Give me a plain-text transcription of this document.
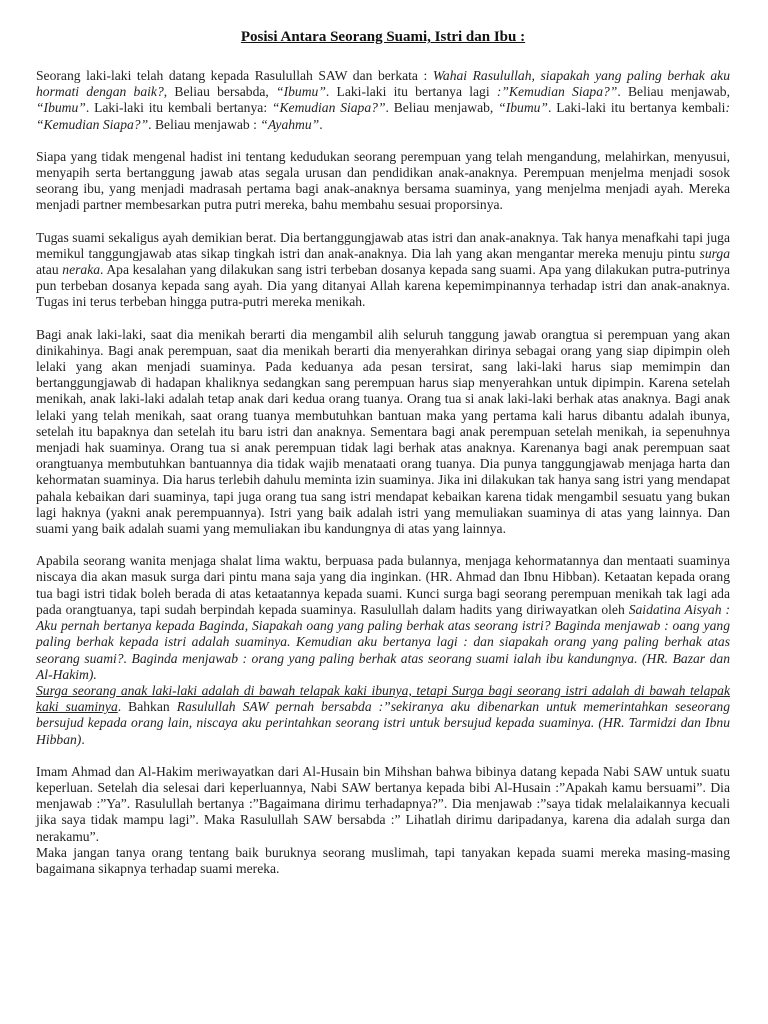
Posisi Antara Seorang Suami, Istri dan Ibu :

Seorang laki-laki telah datang kepada Rasulullah SAW dan berkata : Wahai Rasulullah, siapakah yang paling berhak aku hormati dengan baik?, Beliau bersabda, “Ibumu”. Laki-laki itu bertanya lagi :”Kemudian Siapa?”. Beliau menjawab, “Ibumu”. Laki-laki itu kembali bertanya: “Kemudian Siapa?”. Beliau menjawab, “Ibumu”. Laki-laki itu bertanya kembali: “Kemudian Siapa?”. Beliau menjawab : “Ayahmu”.

Siapa yang tidak mengenal hadist ini tentang kedudukan seorang perempuan yang telah mengandung, melahirkan, menyusui, menyapih serta bertanggung jawab atas segala urusan dan pendidikan anak-anaknya. Perempuan menjelma menjadi sosok seorang ibu, yang menjadi madrasah pertama bagi anak-anaknya bersama suaminya, yang menjelma menjadi ayah. Mereka menjadi partner membesarkan putra putri mereka, bahu membahu sesuai proporsinya.

Tugas suami sekaligus ayah demikian berat. Dia bertanggungjawab atas istri dan anak-anaknya. Tak hanya menafkahi tapi juga memikul tanggungjawab atas sikap tingkah istri dan anak-anaknya. Dia lah yang akan mengantar mereka menuju pintu surga atau neraka. Apa kesalahan yang dilakukan sang istri terbeban dosanya kepada sang suami. Apa yang dilakukan putra-putrinya pun terbeban dosanya kepada sang ayah. Dia yang ditanyai Allah karena kepemimpinannya terhadap istri dan anak-anaknya. Tugas ini terus terbeban hingga putra-putri mereka menikah.

Bagi anak laki-laki, saat dia menikah berarti dia mengambil alih seluruh tanggung jawab orangtua si perempuan yang akan dinikahinya. Bagi anak perempuan, saat dia menikah berarti dia menyerahkan dirinya sebagai orang yang siap dipimpin oleh lelaki yang akan menjadi suaminya. Pada keduanya ada pesan tersirat, sang laki-laki harus siap memimpin dan bertanggungjawab di hadapan khaliknya sedangkan sang perempuan harus siap menyerahkan untuk dipimpin. Karena setelah menikah, anak laki-laki adalah tetap anak dari kedua orang tuanya. Orang tua si anak laki-laki berhak atas anaknya. Bagi anak lelaki yang telah menikah, saat orang tuanya membutuhkan bantuan maka yang pertama kali harus dibantu adalah ibunya, setelah itu bapaknya dan setelah itu baru istri dan anaknya. Sementara bagi anak perempuan setelah menikah, ia sepenuhnya menjadi hak suaminya. Orang tua si anak perempuan tidak lagi berhak atas anaknya. Karenanya bagi anak perempuan saat orangtuanya membutuhkan bantuannya dia tidak wajib menataati orang tuanya. Dia punya tanggungjawab menjaga harta dan kehormatan suaminya. Dia harus terlebih dahulu meminta izin suaminya. Jika ini dilakukan tak hanya sang istri yang mendapat pahala kebaikan dari suaminya, tapi juga orang tua sang istri mendapat kebaikan karena tidak mengambil sesuatu yang bukan lagi haknya (yakni anak perempuannya). Istri yang baik adalah istri yang memuliakan suaminya di atas yang lainnya. Dan suami yang baik adalah suami yang memuliakan ibu kandungnya di atas yang lainnya.

Apabila seorang wanita menjaga shalat lima waktu, berpuasa pada bulannya, menjaga kehormatannya dan mentaati suaminya niscaya dia akan masuk surga dari pintu mana saja yang dia inginkan. (HR. Ahmad dan Ibnu Hibban). Ketaatan kepada orang tua bagi istri tidak boleh berada di atas ketaatannya kepada suami. Kunci surga bagi seorang perempuan menikah tak lagi ada pada orangtuanya, tapi sudah berpindah kepada suaminya. Rasulullah dalam hadits yang diriwayatkan oleh Saidatina Aisyah : Aku pernah bertanya kepada Baginda, Siapakah oang yang paling berhak atas seorang istri? Baginda menjawab : oang yang paling berhak kepada istri adalah suaminya. Kemudian aku bertanya lagi : dan siapakah orang yang paling berhak atas seorang suami?. Baginda menjawab : orang yang paling berhak atas seorang suami ialah ibu kandungnya. (HR. Bazar dan Al-Hakim).

Surga seorang anak laki-laki adalah di bawah telapak kaki ibunya, tetapi Surga bagi seorang istri adalah di bawah telapak kaki suaminya. Bahkan Rasulullah SAW pernah bersabda :”sekiranya aku dibenarkan untuk memerintahkan seseorang bersujud kepada orang lain, niscaya aku perintahkan seorang istri untuk bersujud kepada suaminya. (HR. Tarmidzi dan Ibnu Hibban).

Imam Ahmad dan Al-Hakim meriwayatkan dari Al-Husain bin Mihshan bahwa bibinya datang kepada Nabi SAW untuk suatu keperluan. Setelah dia selesai dari keperluannya, Nabi SAW bertanya kepada bibi Al-Husain :”Apakah kamu bersuami”. Dia menjawab :”Ya”. Rasulullah bertanya :”Bagaimana dirimu terhadapnya?”. Dia menjawab :”saya tidak melalaikannya kecuali jika saya tidak mampu lagi”. Maka Rasulullah SAW bersabda :” Lihatlah dirimu daripadanya, karena dia adalah surga dan nerakamu”.

Maka jangan tanya orang tentang baik buruknya seorang muslimah, tapi tanyakan kepada suami mereka masing-masing bagaimana sikapnya terhadap suami mereka.
